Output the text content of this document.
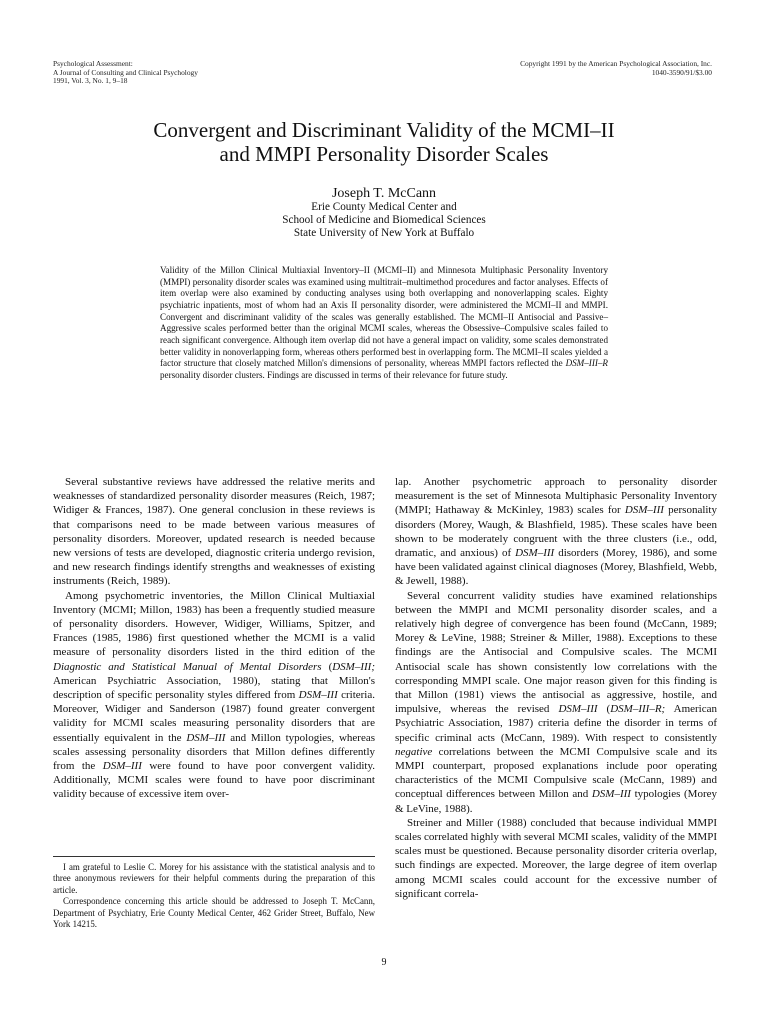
Psychological Assessment:
A Journal of Consulting and Clinical Psychology
1991, Vol. 3, No. 1, 9–18
Copyright 1991 by the American Psychological Association, Inc.
1040-3590/91/$3.00
Convergent and Discriminant Validity of the MCMI–II
and MMPI Personality Disorder Scales
Joseph T. McCann
Erie County Medical Center and
School of Medicine and Biomedical Sciences
State University of New York at Buffalo
Validity of the Millon Clinical Multiaxial Inventory–II (MCMI–II) and Minnesota Multiphasic Personality Inventory (MMPI) personality disorder scales was examined using multitrait–multimethod procedures and factor analyses. Effects of item overlap were also examined by conducting analyses using both overlapping and nonoverlapping scales. Eighty psychiatric inpatients, most of whom had an Axis II personality disorder, were administered the MCMI–II and MMPI. Convergent and discriminant validity of the scales was generally established. The MCMI–II Antisocial and Passive–Aggressive scales performed better than the original MCMI scales, whereas the Obsessive–Compulsive scales failed to reach significant convergence. Although item overlap did not have a general impact on validity, some scales demonstrated better validity in nonoverlapping form, whereas others performed best in overlapping form. The MCMI–II scales yielded a factor structure that closely matched Millon's dimensions of personality, whereas MMPI factors reflected the DSM–III–R personality disorder clusters. Findings are discussed in terms of their relevance for future study.

Several substantive reviews have addressed the relative merits and weaknesses of standardized personality disorder measures (Reich, 1987; Widiger & Frances, 1987). One general conclusion in these reviews is that comparisons need to be made between various measures of personality disorders. Moreover, updated research is needed because new versions of tests are developed, diagnostic criteria undergo revision, and new research findings identify strengths and weaknesses of existing instruments (Reich, 1989).

Among psychometric inventories, the Millon Clinical Multiaxial Inventory (MCMI; Millon, 1983) has been a frequently studied measure of personality disorders. However, Widiger, Williams, Spitzer, and Frances (1985, 1986) first questioned whether the MCMI is a valid measure of personality disorders listed in the third edition of the Diagnostic and Statistical Manual of Mental Disorders (DSM–III; American Psychiatric Association, 1980), stating that Millon's description of specific personality styles differed from DSM–III criteria. Moreover, Widiger and Sanderson (1987) found greater convergent validity for MCMI scales measuring personality disorders that are essentially equivalent in the DSM–III and Millon typologies, whereas scales assessing personality disorders that Millon defines differently from the DSM–III were found to have poor convergent validity. Additionally, MCMI scales were found to have poor discriminant validity because of excessive item over-

I am grateful to Leslie C. Morey for his assistance with the statistical analysis and to three anonymous reviewers for their helpful comments during the preparation of this article.

Correspondence concerning this article should be addressed to Joseph T. McCann, Department of Psychiatry, Erie County Medical Center, 462 Grider Street, Buffalo, New York 14215.

lap. Another psychometric approach to personality disorder measurement is the set of Minnesota Multiphasic Personality Inventory (MMPI; Hathaway & McKinley, 1983) scales for DSM–III personality disorders (Morey, Waugh, & Blashfield, 1985). These scales have been shown to be moderately congruent with the three clusters (i.e., odd, dramatic, and anxious) of DSM–III disorders (Morey, 1986), and some have been validated against clinical diagnoses (Morey, Blashfield, Webb, & Jewell, 1988).

Several concurrent validity studies have examined relationships between the MMPI and MCMI personality disorder scales, and a relatively high degree of convergence has been found (McCann, 1989; Morey & LeVine, 1988; Streiner & Miller, 1988). Exceptions to these findings are the Antisocial and Compulsive scales. The MCMI Antisocial scale has shown consistently low correlations with the corresponding MMPI scale. One major reason given for this finding is that Millon (1981) views the antisocial as aggressive, hostile, and impulsive, whereas the revised DSM–III (DSM–III–R; American Psychiatric Association, 1987) criteria define the disorder in terms of specific criminal acts (McCann, 1989). With respect to consistently negative correlations between the MCMI Compulsive scale and its MMPI counterpart, proposed explanations include poor operating characteristics of the MCMI Compulsive scale (McCann, 1989) and conceptual differences between Millon and DSM–III typologies (Morey & LeVine, 1988).

Streiner and Miller (1988) concluded that because individual MMPI scales correlated highly with several MCMI scales, validity of the MMPI scales must be questioned. Because personality disorder criteria overlap, such findings are expected. Moreover, the large degree of item overlap among MCMI scales could account for the excessive number of significant correla-

9
